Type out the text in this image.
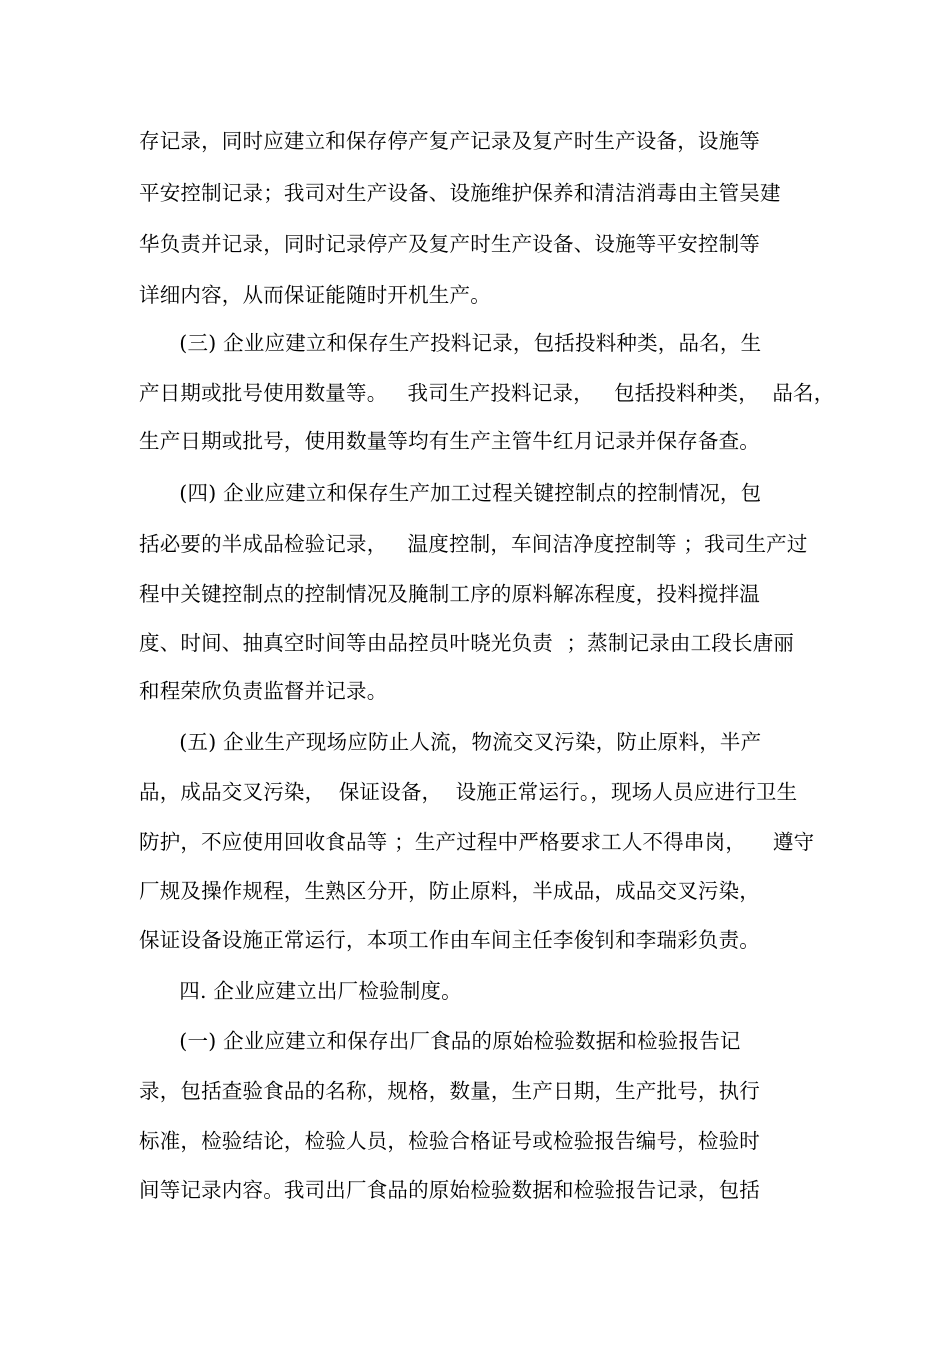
存记录，同时应建立和保存停产复产记录及复产时生产设备，设施等
平安控制记录；我司对生产设备、设施维护保养和清洁消毒由主管吴建
华负责并记录，同时记录停产及复产时生产设备、设施等平安控制等
详细内容，从而保证能随时开机生产。
(三) 企业应建立和保存生产投料记录，包括投料种类，品名，生
产日期或批号使用数量等。   我司生产投料记录，   包括投料种类，  品名，
生产日期或批号，使用数量等均有生产主管牛红月记录并保存备查。
(四) 企业应建立和保存生产加工过程关键控制点的控制情况，包
括必要的半成品检验记录，   温度控制，车间洁净度控制等 ；我司生产过
程中关键控制点的控制情况及腌制工序的原料解冻程度，投料搅拌温
度、时间、抽真空时间等由品控员叶晓光负责  ；蒸制记录由工段长唐丽
和程荣欣负责监督并记录。
(五) 企业生产现场应防止人流，物流交叉污染，防止原料，半产
品，成品交叉污染，  保证设备，  设施正常运行。，现场人员应进行卫生
防护，不应使用回收食品等 ；生产过程中严格要求工人不得串岗，    遵守
厂规及操作规程，生熟区分开，防止原料，半成品，成品交叉污染，
保证设备设施正常运行，本项工作由车间主任李俊钊和李瑞彩负责。
四. 企业应建立出厂检验制度。
(一) 企业应建立和保存出厂食品的原始检验数据和检验报告记
录，包括查验食品的名称，规格，数量，生产日期，生产批号，执行
标准，检验结论，检验人员，检验合格证号或检验报告编号，检验时
间等记录内容。我司出厂食品的原始检验数据和检验报告记录，包括
